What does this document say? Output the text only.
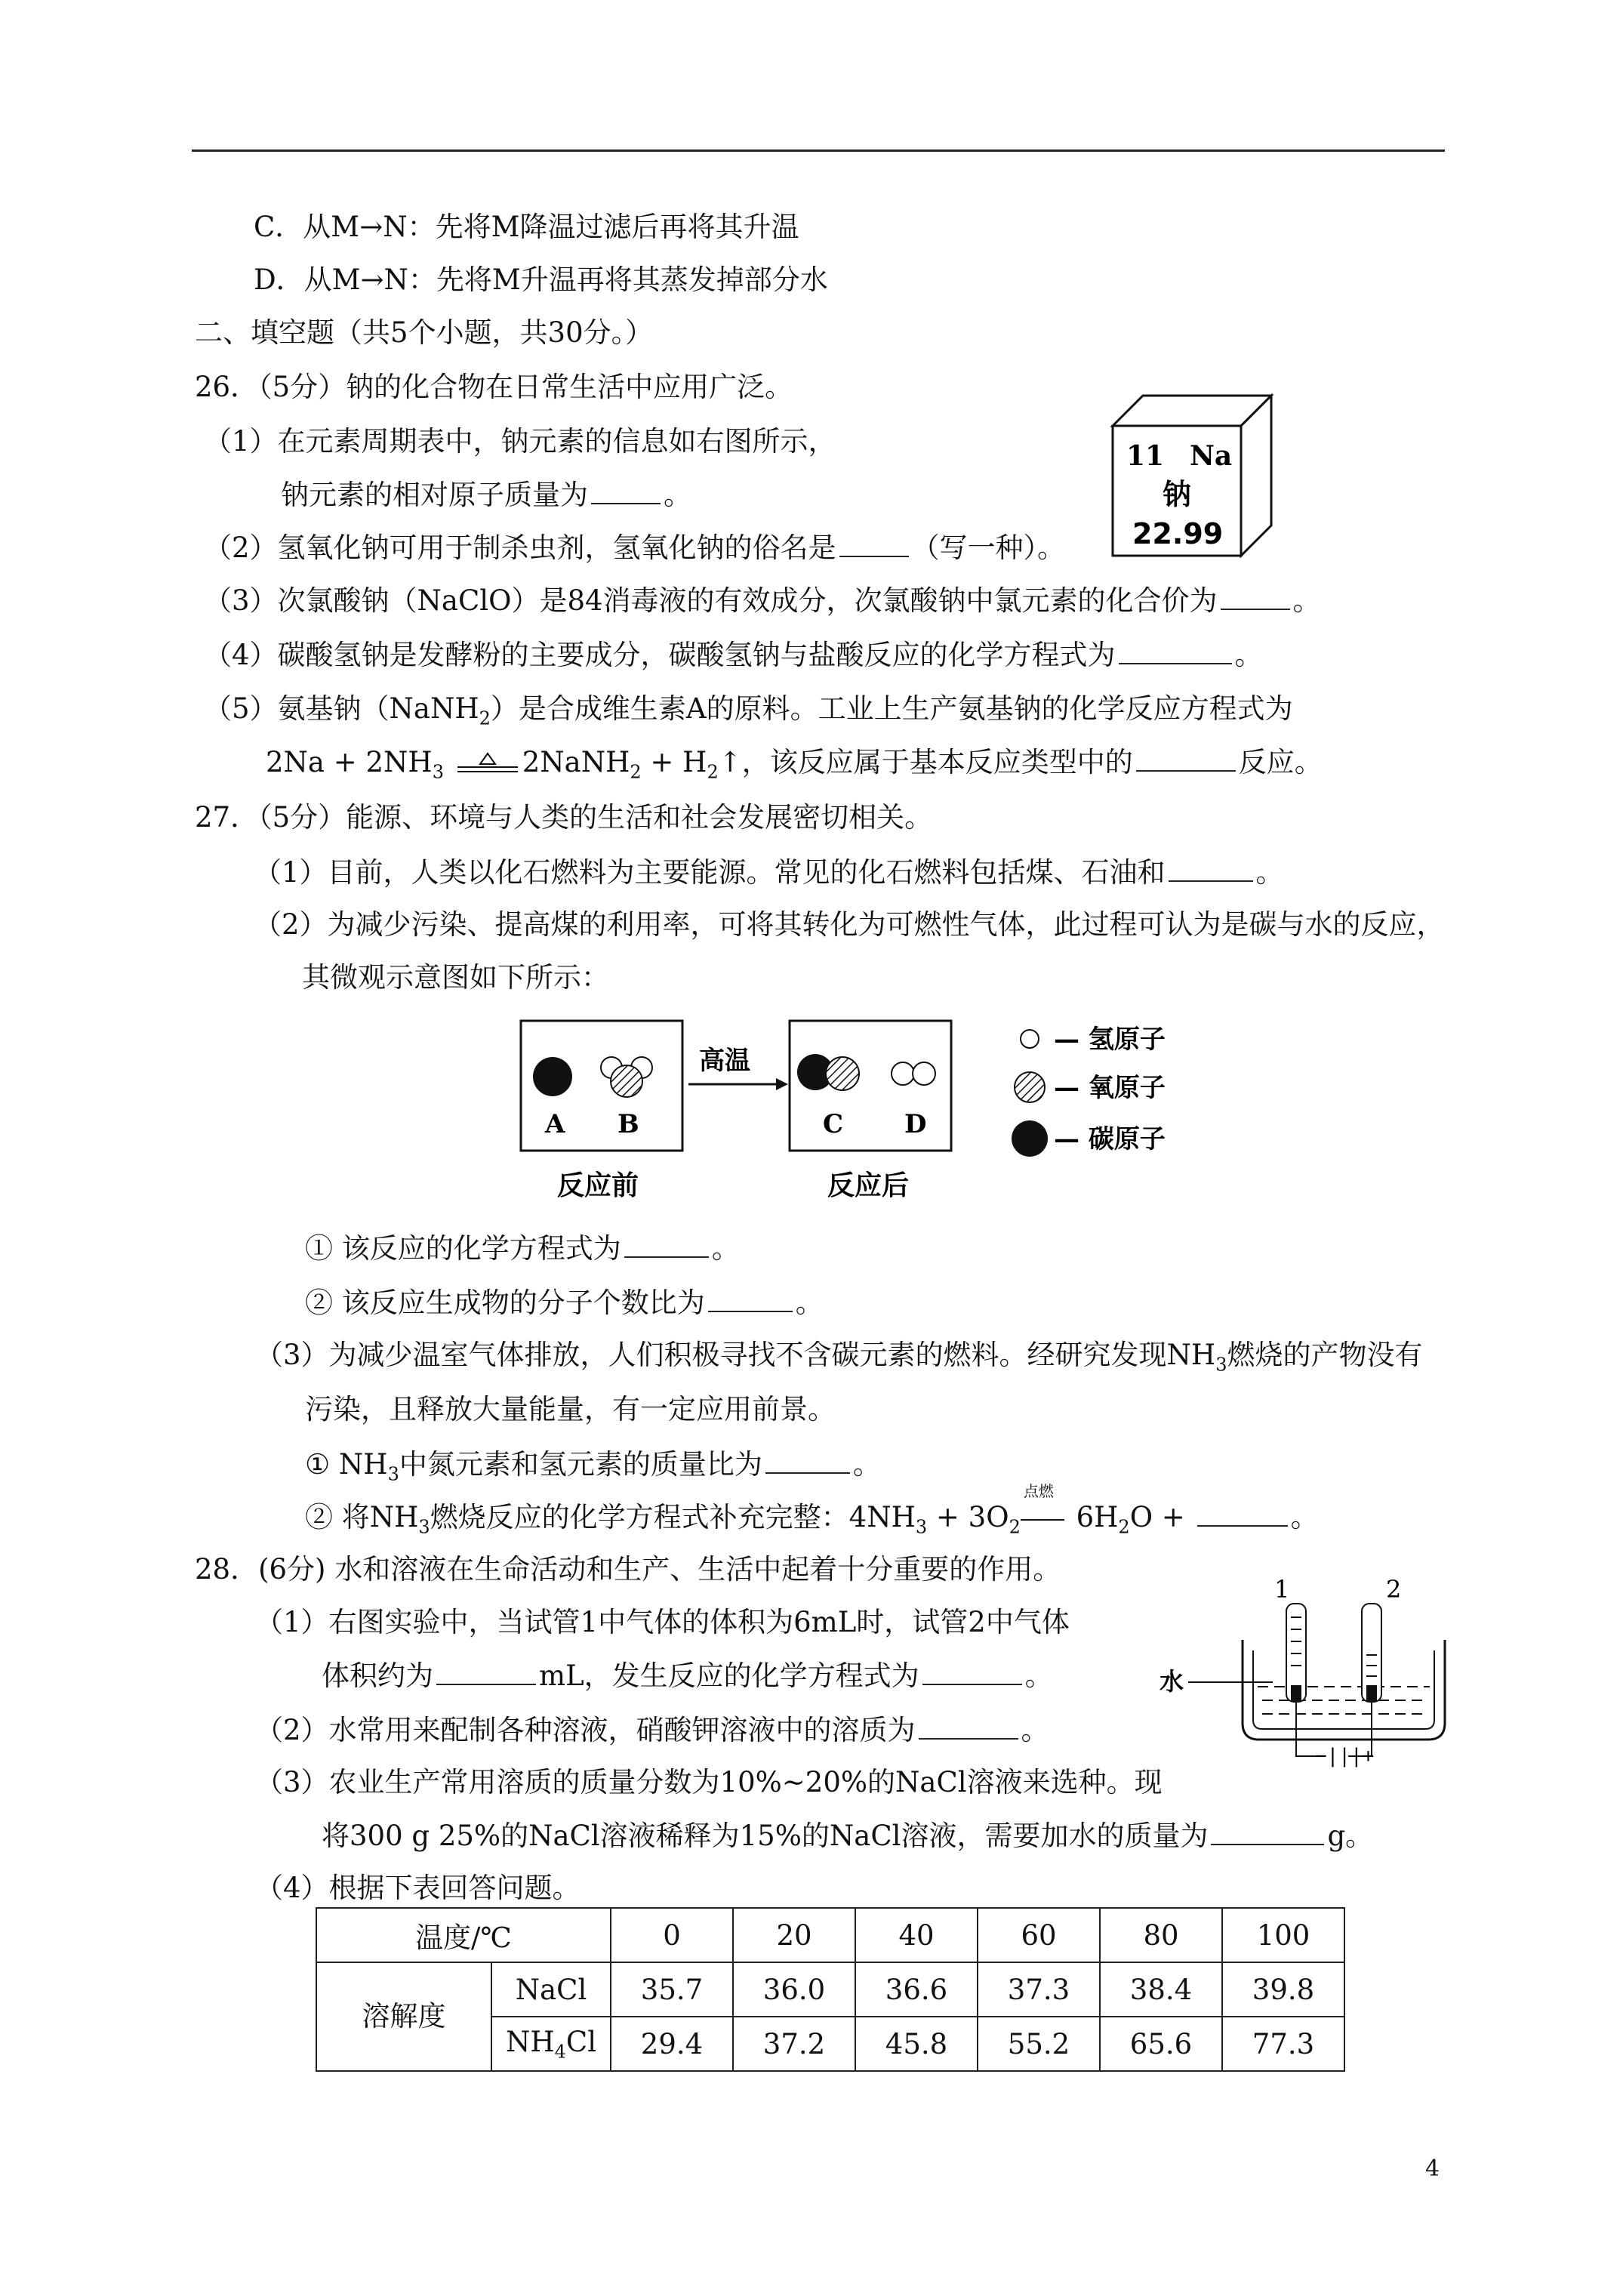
C．从M→N：先将M降温过滤后再将其升温
D．从M→N：先将M升温再将其蒸发掉部分水
二、填空题（共5个小题，共30分。）
26．（5分）钠的化合物在日常生活中应用广泛。
（1）在元素周期表中，钠元素的信息如右图所示，
钠元素的相对原子质量为	。
（2）氢氧化钠可用于制杀虫剂，氢氧化钠的俗名是	（写一种）。
（3）次氯酸钠（NaClO）是84消毒液的有效成分，次氯酸钠中氯元素的化合价为	。
（4）碳酸氢钠是发酵粉的主要成分，碳酸氢钠与盐酸反应的化学方程式为	。
（5）氨基钠（NaNH$_2$）是合成维生素A的原料。工业上生产氨基钠的化学反应方程式为
$2Na + 2NH_3$	2NaNH$_2$ + $H_2↑$，该反应属于基本反应类型中的	反应。
11 Na
钠
22.99
27．（5分）能源、环境与人类的生活和社会发展密切相关。
（1）目前，人类以化石燃料为主要能源。常见的化石燃料包括煤、石油和	。
（2）为减少污染、提高煤的利用率，可将其转化为可燃性气体，此过程可认为是碳与水的反应，
其微观示意图如下所示：
A B
高温
C D
反应前	反应后
— 氢原子
— 氧原子
— 碳原子
① 该反应的化学方程式为	。
② 该反应生成物的分子个数比为	。
（3）为减少温室气体排放，人们积极寻找不含碳元素的燃料。经研究发现$NH_3$燃烧的产物没有
污染，且释放大量能量，有一定应用前景。
① $NH_3$中氮元素和氢元素的质量比为	。
② 将$NH_3$燃烧反应的化学方程式补充完整：$4NH_3 + 3O_2$
点燃
$6H_2O$ +	。
28．(6分) 水和溶液在生命活动和生产、生活中起着十分重要的作用。
（1）右图实验中，当试管1中气体的体积为6mL时，试管2中气体
体积约为	mL，发生反应的化学方程式为	。
（2）水常用来配制各种溶液，硝酸钾溶液中的溶质为	。
（3）农业生产常用溶质的质量分数为10%~20%的NaCl溶液来选种。现
将300 g 25%的NaCl溶液稀释为15%的NaCl溶液，需要加水的质量为	g。
（4）根据下表回答问题。
1	2
−|||+
水
温度/℃		0	20	40	60	80	100
溶解度	NaCl	35.7	36.0	36.6	37.3	38.4	39.8
	$NH_4Cl$	29.4	37.2	45.8	55.2	65.6	77.3
4
